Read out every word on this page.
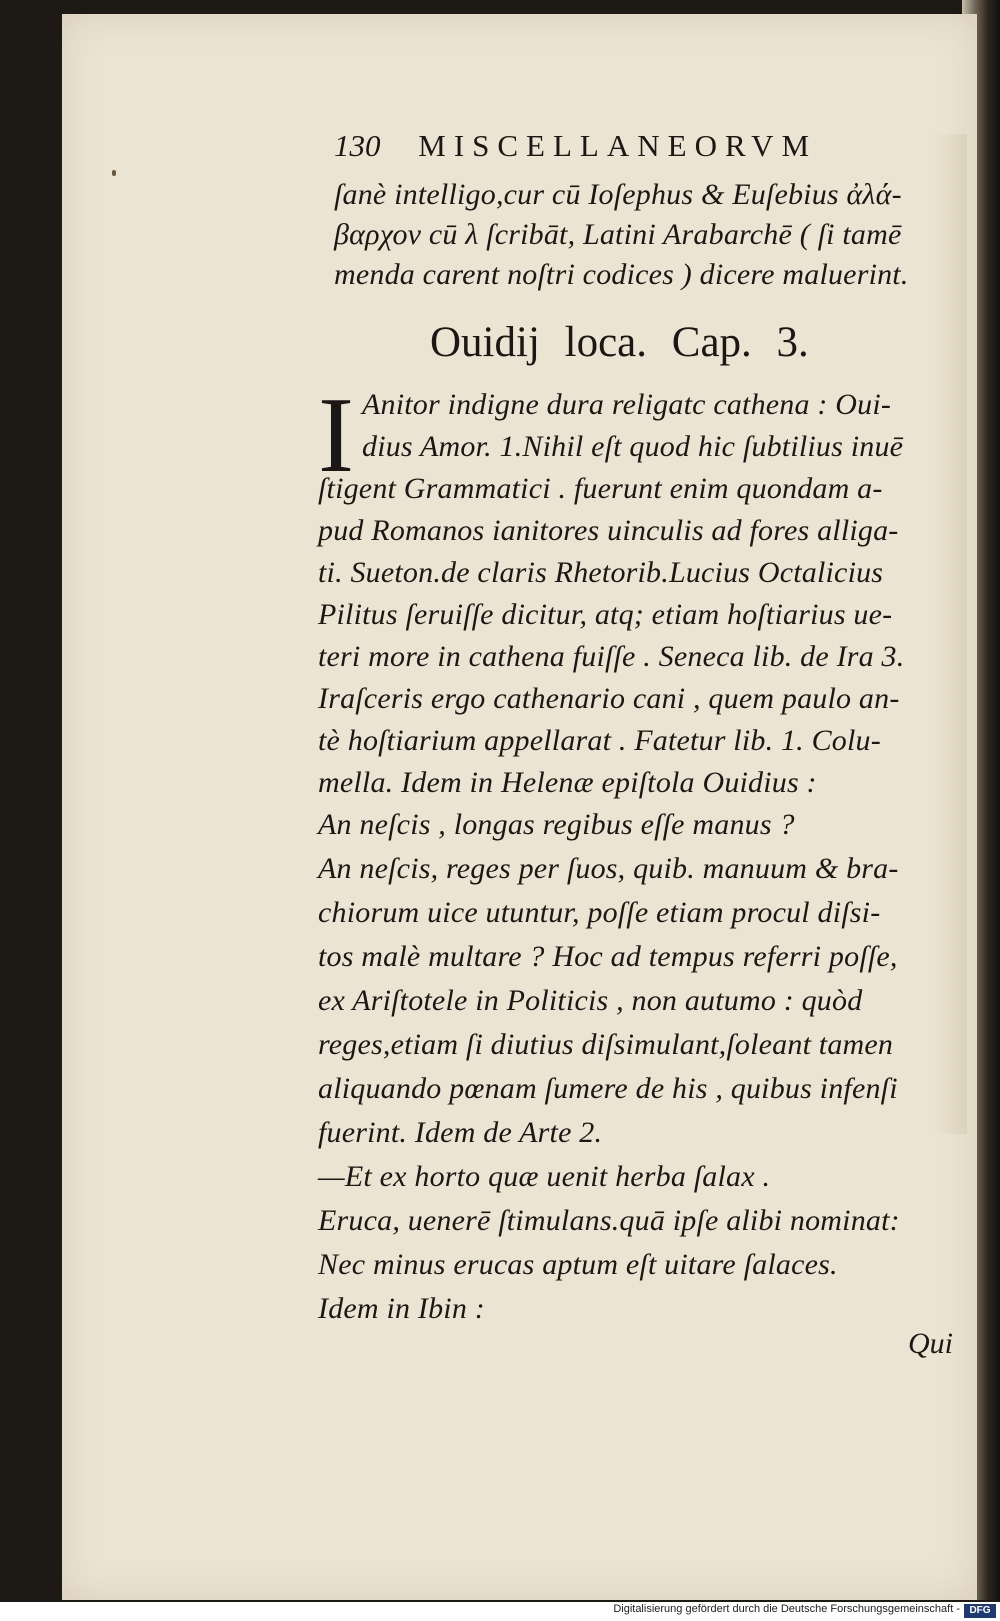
130 MISCELLANEORVM
ſanè intelligo,cur cū Ioſephus & Euſebius ἀλά-
βαρχον cū λ ſcribāt, Latini Arabarchē ( ſi tamē
menda carent noſtri codices ) dicere maluerint.
Ouidij loca. Cap. 3.
I Anitor indigne dura religatc cathena : Oui-
dius Amor. 1.Nihil eſt quod hic ſubtilius inuē
ſtigent Grammatici . fuerunt enim quondam a-
pud Romanos ianitores uinculis ad fores alliga-
ti. Sueton.de claris Rhetorib.Lucius Octalicius
Pilitus ſeruiſſe dicitur, atq; etiam hoſtiarius ue-
teri more in cathena fuiſſe . Seneca lib. de Ira 3.
Iraſceris ergo cathenario cani , quem paulo an-
tè hoſtiarium appellarat . Fatetur lib. 1. Colu-
mella. Idem in Helenæ epiſtola Ouidius :
An neſcis , longas regibus eſſe manus ?
An neſcis, reges per ſuos, quib. manuum & bra-
chiorum uice utuntur, poſſe etiam procul diſsi-
tos malè multare ? Hoc ad tempus referri poſſe,
ex Ariſtotele in Politicis , non autumo : quòd
reges,etiam ſi diutius diſsimulant,ſoleant tamen
aliquando pœnam ſumere de his , quibus infenſi
fuerint. Idem de Arte 2.
—Et ex horto quæ uenit herba ſalax .
Eruca, uenerē ſtimulans.quā ipſe alibi nominat:
Nec minus erucas aptum eſt uitare ſalaces.
Idem in Ibin :
Qui
Digitalisierung gefördert durch die Deutsche Forschungsgemeinschaft - DFG
